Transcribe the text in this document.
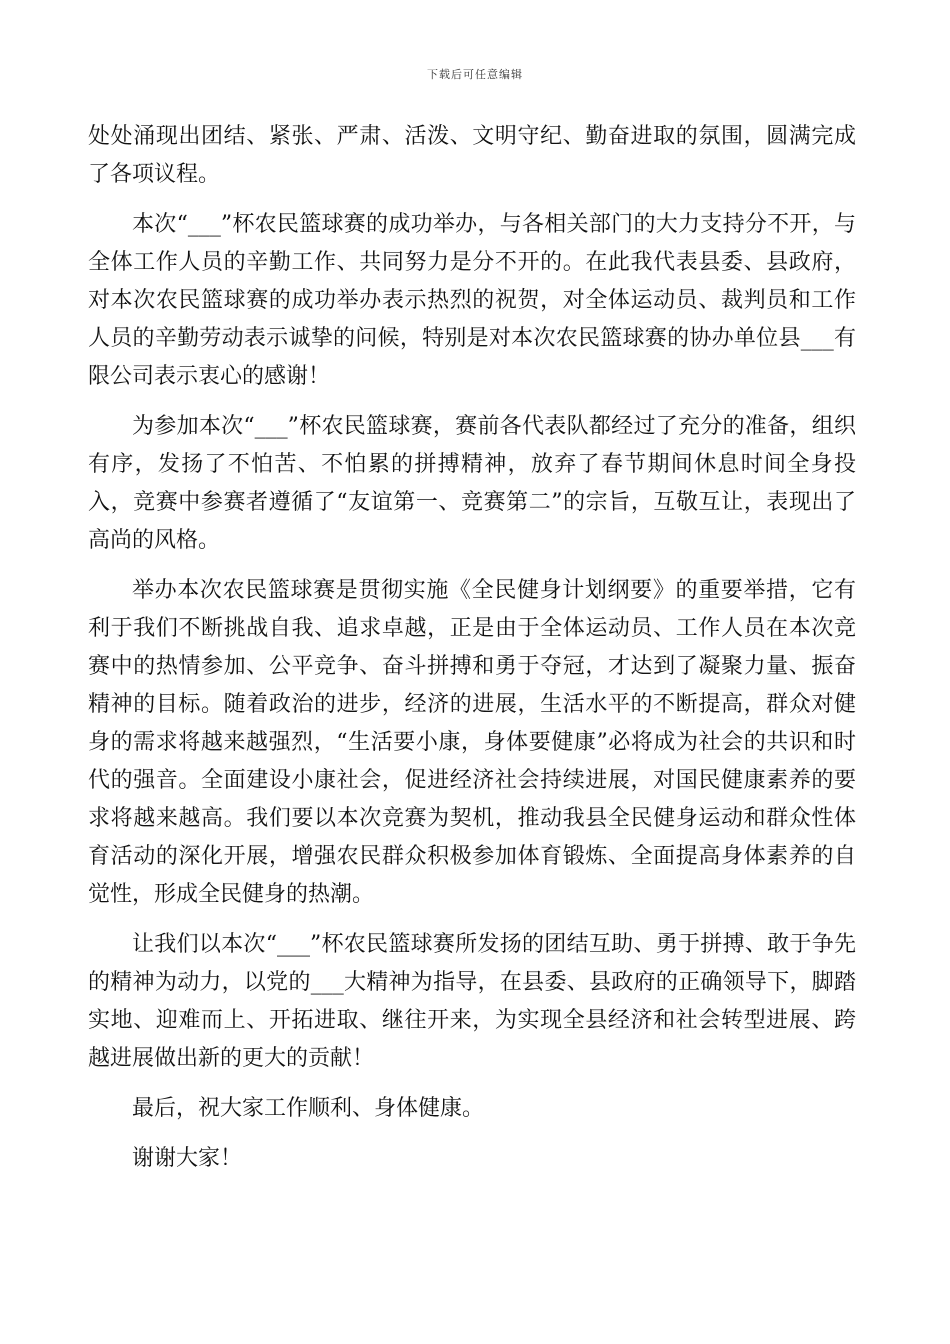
下载后可任意编辑

处处涌现出团结、紧张、严肃、活泼、文明守纪、勤奋进取的氛围，圆满完成了各项议程。

本次“___”杯农民篮球赛的成功举办，与各相关部门的大力支持分不开，与全体工作人员的辛勤工作、共同努力是分不开的。在此我代表县委、县政府，对本次农民篮球赛的成功举办表示热烈的祝贺，对全体运动员、裁判员和工作人员的辛勤劳动表示诚挚的问候，特别是对本次农民篮球赛的协办单位县___有限公司表示衷心的感谢！

为参加本次“___”杯农民篮球赛，赛前各代表队都经过了充分的准备，组织有序，发扬了不怕苦、不怕累的拼搏精神，放弃了春节期间休息时间全身投入，竞赛中参赛者遵循了“友谊第一、竞赛第二”的宗旨，互敬互让，表现出了高尚的风格。

举办本次农民篮球赛是贯彻实施《全民健身计划纲要》的重要举措，它有利于我们不断挑战自我、追求卓越，正是由于全体运动员、工作人员在本次竞赛中的热情参加、公平竞争、奋斗拼搏和勇于夺冠，才达到了凝聚力量、振奋精神的目标。随着政治的进步，经济的进展，生活水平的不断提高，群众对健身的需求将越来越强烈，“生活要小康，身体要健康”必将成为社会的共识和时代的强音。全面建设小康社会，促进经济社会持续进展，对国民健康素养的要求将越来越高。我们要以本次竞赛为契机，推动我县全民健身运动和群众性体育活动的深化开展，增强农民群众积极参加体育锻炼、全面提高身体素养的自觉性，形成全民健身的热潮。

让我们以本次“___”杯农民篮球赛所发扬的团结互助、勇于拼搏、敢于争先的精神为动力，以党的___大精神为指导，在县委、县政府的正确领导下，脚踏实地、迎难而上、开拓进取、继往开来，为实现全县经济和社会转型进展、跨越进展做出新的更大的贡献！

最后，祝大家工作顺利、身体健康。

谢谢大家！
